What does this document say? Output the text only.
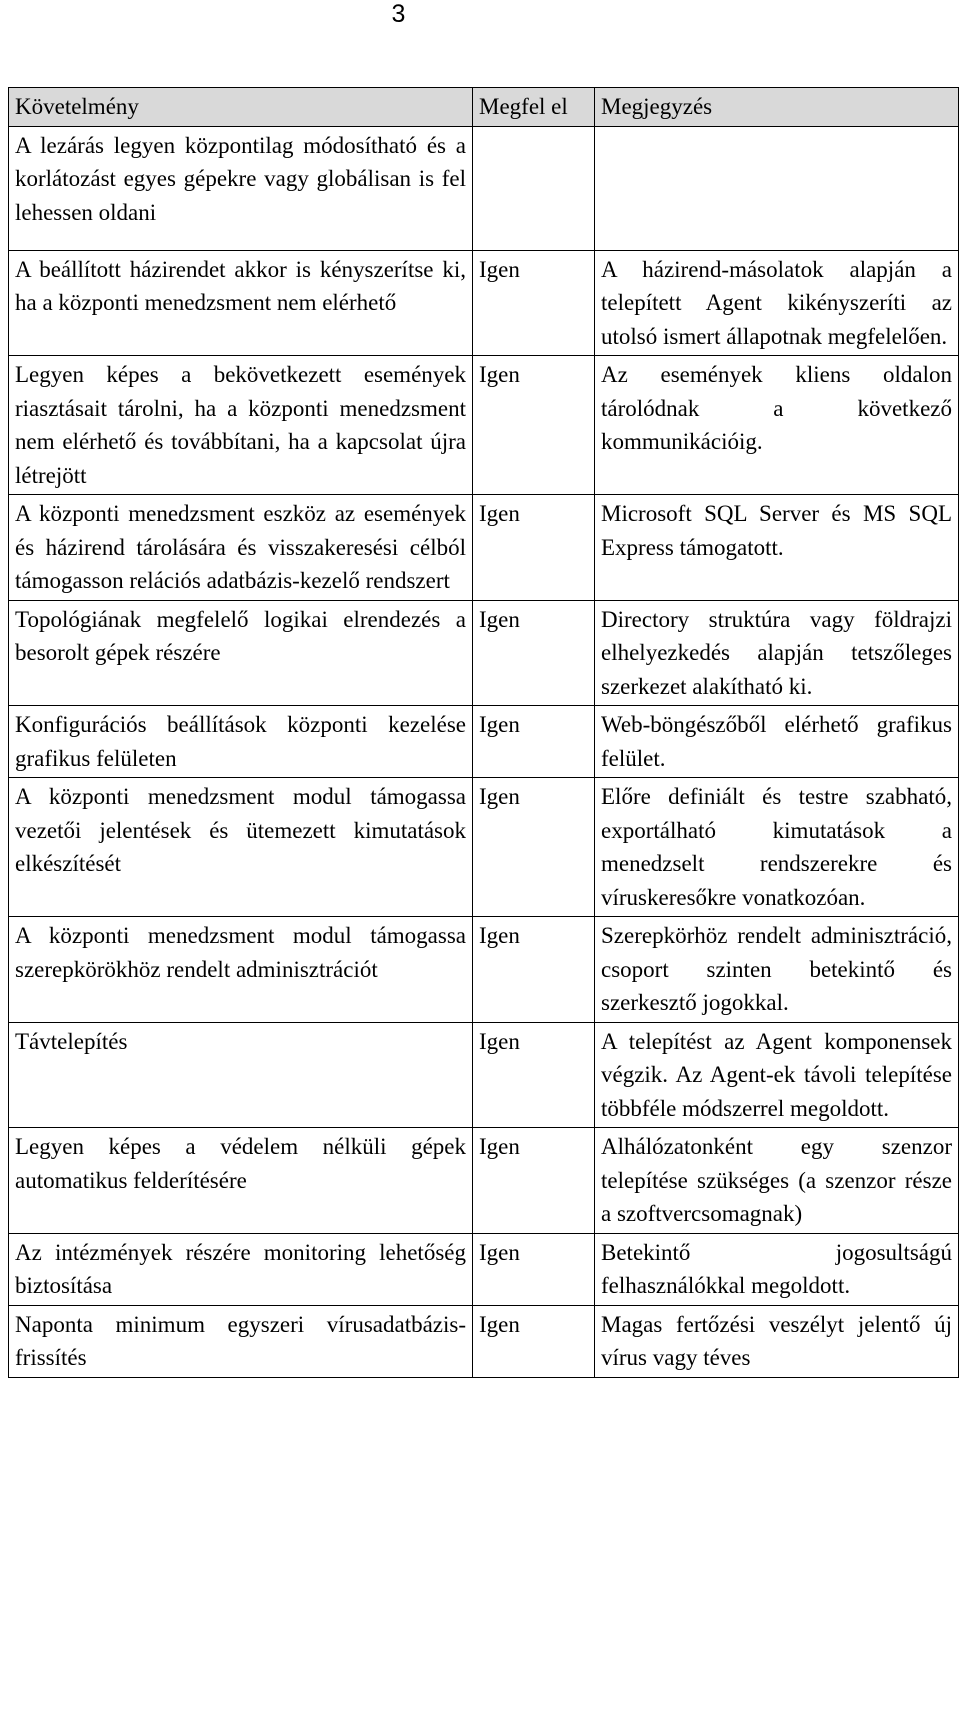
3
Követelmény	Megfel el	Megjegyzés
A lezárás legyen központilag módosítható és a korlátozást egyes gépekre vagy globálisan is fel lehessen oldani		
A beállított házirendet akkor is kényszerítse ki, ha a központi menedzsment nem elérhető	Igen	A házirend-másolatok alapján a telepített Agent kikényszeríti az utolsó ismert állapotnak megfelelően.
Legyen képes a bekövetkezett események riasztásait tárolni, ha a központi menedzsment nem elérhető és továbbítani, ha a kapcsolat újra létrejött	Igen	Az események kliens oldalon tárolódnak a következő kommunikációig.
A központi menedzsment eszköz az események és házirend tárolására és visszakeresési célból támogasson relációs adatbázis-kezelő rendszert	Igen	Microsoft SQL Server és MS SQL Express támogatott.
Topológiának megfelelő logikai elrendezés a besorolt gépek részére	Igen	Directory struktúra vagy földrajzi elhelyezkedés alapján tetszőleges szerkezet alakítható ki.
Konfigurációs beállítások központi kezelése grafikus felületen	Igen	Web-böngészőből elérhető grafikus felület.
A központi menedzsment modul támogassa vezetői jelentések és ütemezett kimutatások elkészítését	Igen	Előre definiált és testre szabható, exportálható kimutatások a menedzselt rendszerekre és víruskeresőkre vonatkozóan.
A központi menedzsment modul támogassa szerepkörökhöz rendelt adminisztrációt	Igen	Szerepkörhöz rendelt adminisztráció, csoport szinten betekintő és szerkesztő jogokkal.
Távtelepítés	Igen	A telepítést az Agent komponensek végzik. Az Agent-ek távoli telepítése többféle módszerrel megoldott.
Legyen képes a védelem nélküli gépek automatikus felderítésére	Igen	Alhálózatonként egy szenzor telepítése szükséges (a szenzor része a szoftvercsomagnak)
Az intézmények részére monitoring lehetőség biztosítása	Igen	Betekintő jogosultságú felhasználókkal megoldott.
Naponta minimum egyszeri vírusadatbázis-frissítés	Igen	Magas fertőzési veszélyt jelentő új vírus vagy téves
